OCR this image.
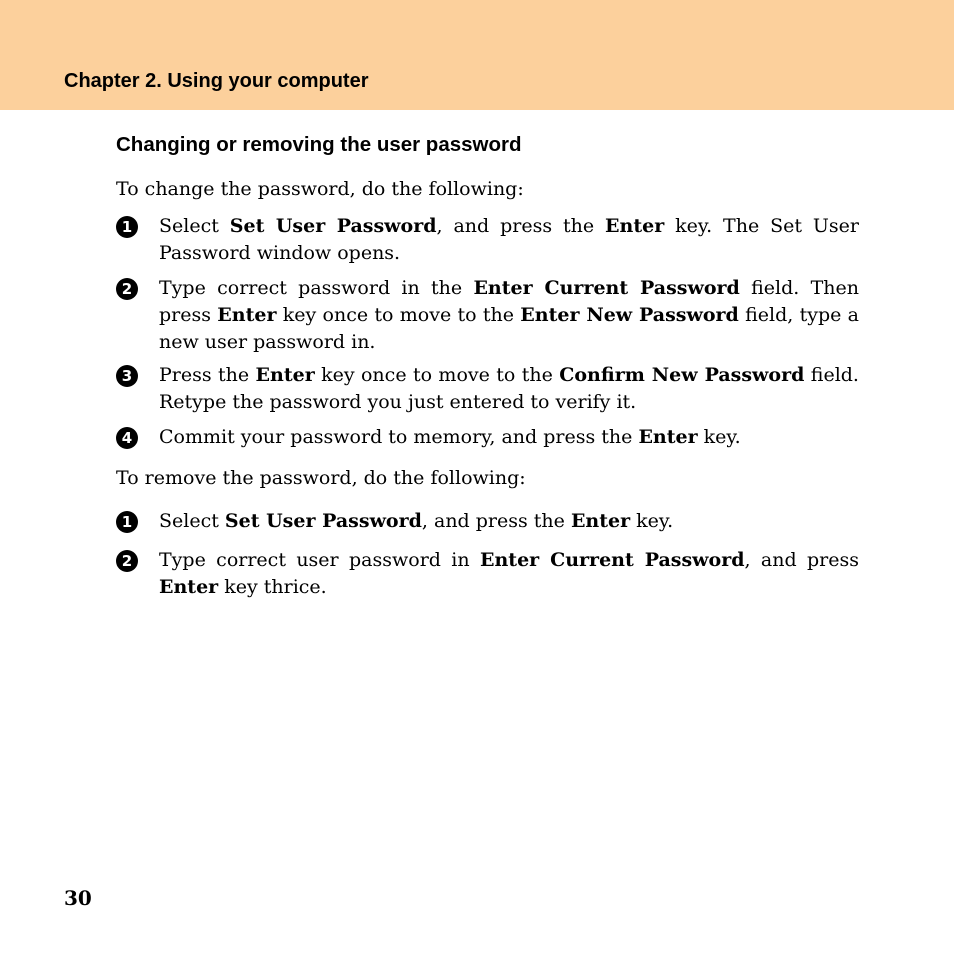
Chapter 2. Using your computer
Changing or removing the user password

To change the password, do the following:

1	Select Set User Password, and press the Enter key. The Set User Password window opens.

2	Type correct password in the Enter Current Password field. Then press Enter key once to move to the Enter New Password field, type a new user password in.

3	Press the Enter key once to move to the Confirm New Password field. Retype the password you just entered to verify it.

4	Commit your password to memory, and press the Enter key.

To remove the password, do the following:

1	Select Set User Password, and press the Enter key.

2	Type correct user password in Enter Current Password, and press Enter key thrice.

30
